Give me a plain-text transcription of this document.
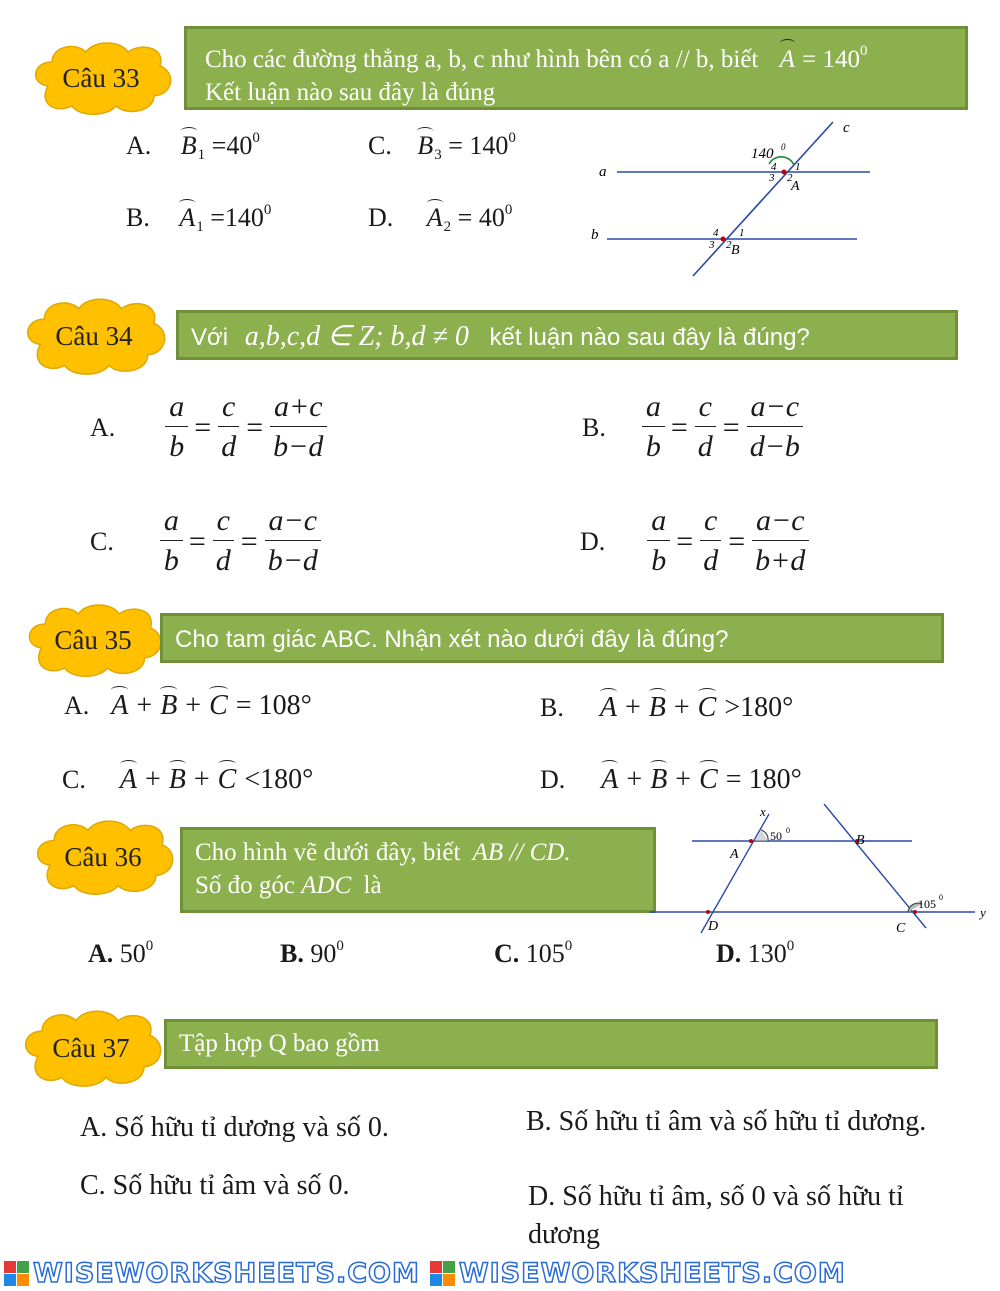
Câu 33
Cho các đường thẳng a, b, c như hình bên có a // b, biết $A = 140^0$
Kết luận nào sau đây là đúng
A. $B_1 =40^0$	C. $B_3 = 140^0$
B. $A_1 =140^0$	D. $A_2 = 40^0$
a
b
c
140 0
4 1
3 2
A
4 1
3 2 B
Câu 34	Với a,b,c,d ∈ Z; b,d ≠ 0 kết luận nào sau đây là đúng?
A. $\frac{a}{b} = \frac{c}{d} = \frac{a+c}{b-d}$	B. $\frac{a}{b} = \frac{c}{d} = \frac{a-c}{d-b}$
C. $\frac{a}{b} = \frac{c}{d} = \frac{a-c}{b-d}$	D. $\frac{a}{b} = \frac{c}{d} = \frac{a-c}{b+d}$
Câu 35	Cho tam giác ABC. Nhận xét nào dưới đây là đúng?
A. A + B + C = 108°	B. A + B + C >180°
C. A + B + C <180°	D. A + B + C = 180°
Câu 36	Cho hình vẽ dưới đây, biết AB // CD.
Số đo góc ADC là
x
y
A
B
D	C
50 0
105 0
A. $50^0$	B. $90^0$	C. $105^0$	D. $130^0$
Câu 37	Tập hợp Q bao gồm
A. Số hữu tỉ dương và số 0.	B. Số hữu tỉ âm và số hữu tỉ dương.
C. Số hữu tỉ âm và số 0.	D. Số hữu tỉ âm, số 0 và số hữu tỉ
dương
WISEWORKSHEETS.COM WISEWORKSHEETS.COM
